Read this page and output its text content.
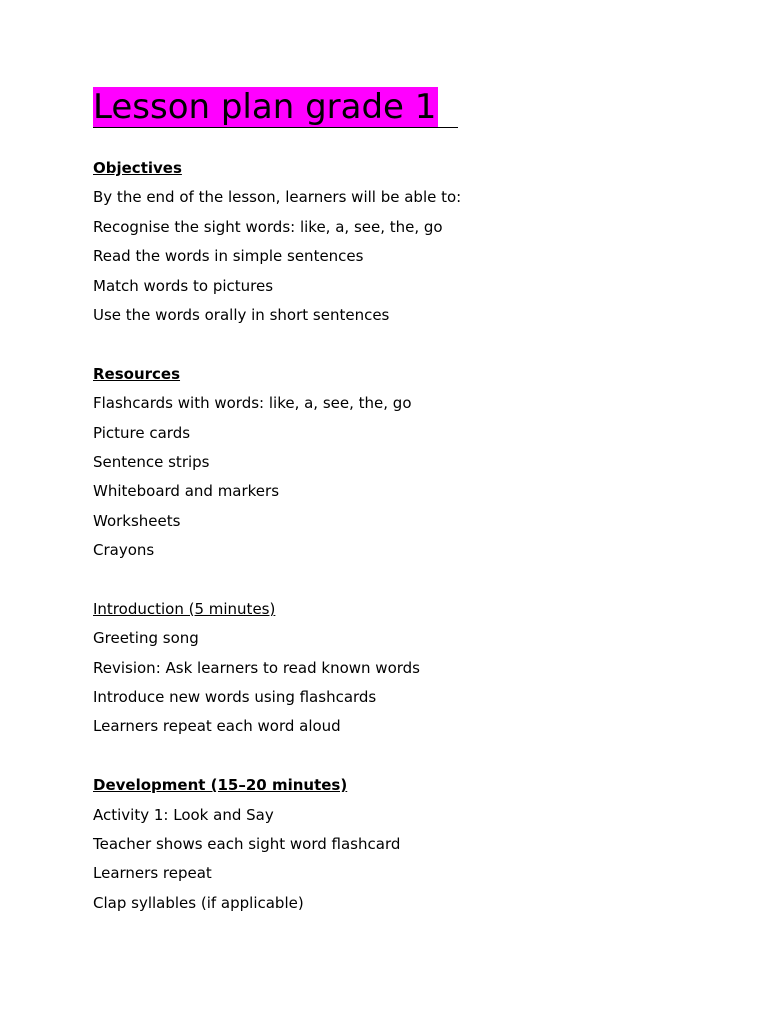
Lesson plan grade 1
Objectives
By the end of the lesson, learners will be able to:
Recognise the sight words: like, a, see, the, go
Read the words in simple sentences
Match words to pictures
Use the words orally in short sentences
Resources
Flashcards with words: like, a, see, the, go
Picture cards
Sentence strips
Whiteboard and markers
Worksheets
Crayons
Introduction (5 minutes)
Greeting song
Revision: Ask learners to read known words
Introduce new words using flashcards
Learners repeat each word aloud
Development (15–20 minutes)
Activity 1: Look and Say
Teacher shows each sight word flashcard
Learners repeat
Clap syllables (if applicable)
